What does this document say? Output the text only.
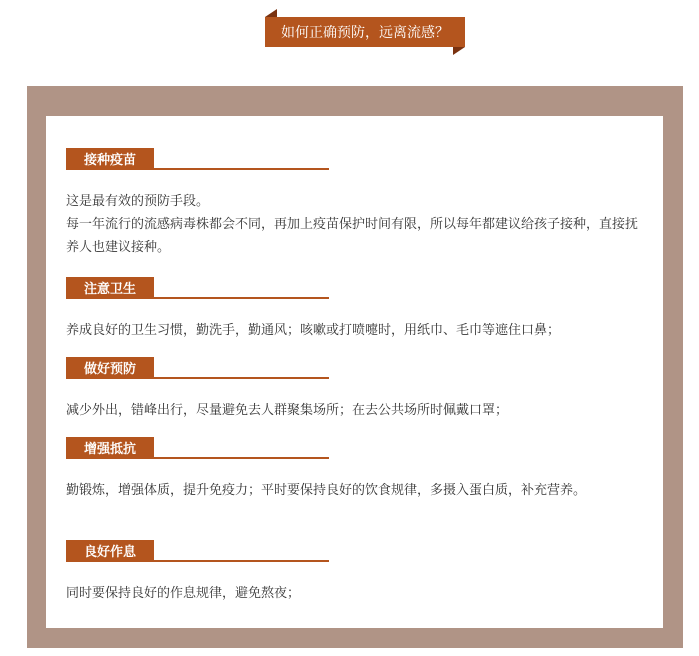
如何正确预防，远离流感？
接种疫苗

这是最有效的预防手段。

每一年流行的流感病毒株都会不同，再加上疫苗保护时间有限，所以每年都建议给孩子接种，直接抚养人也建议接种。

注意卫生

养成良好的卫生习惯，勤洗手，勤通风；咳嗽或打喷嚏时，用纸巾、毛巾等遮住口鼻；

做好预防

减少外出，错峰出行，尽量避免去人群聚集场所；在去公共场所时佩戴口罩；

增强抵抗

勤锻炼，增强体质，提升免疫力；平时要保持良好的饮食规律，多摄入蛋白质，补充营养。

良好作息

同时要保持良好的作息规律，避免熬夜；
